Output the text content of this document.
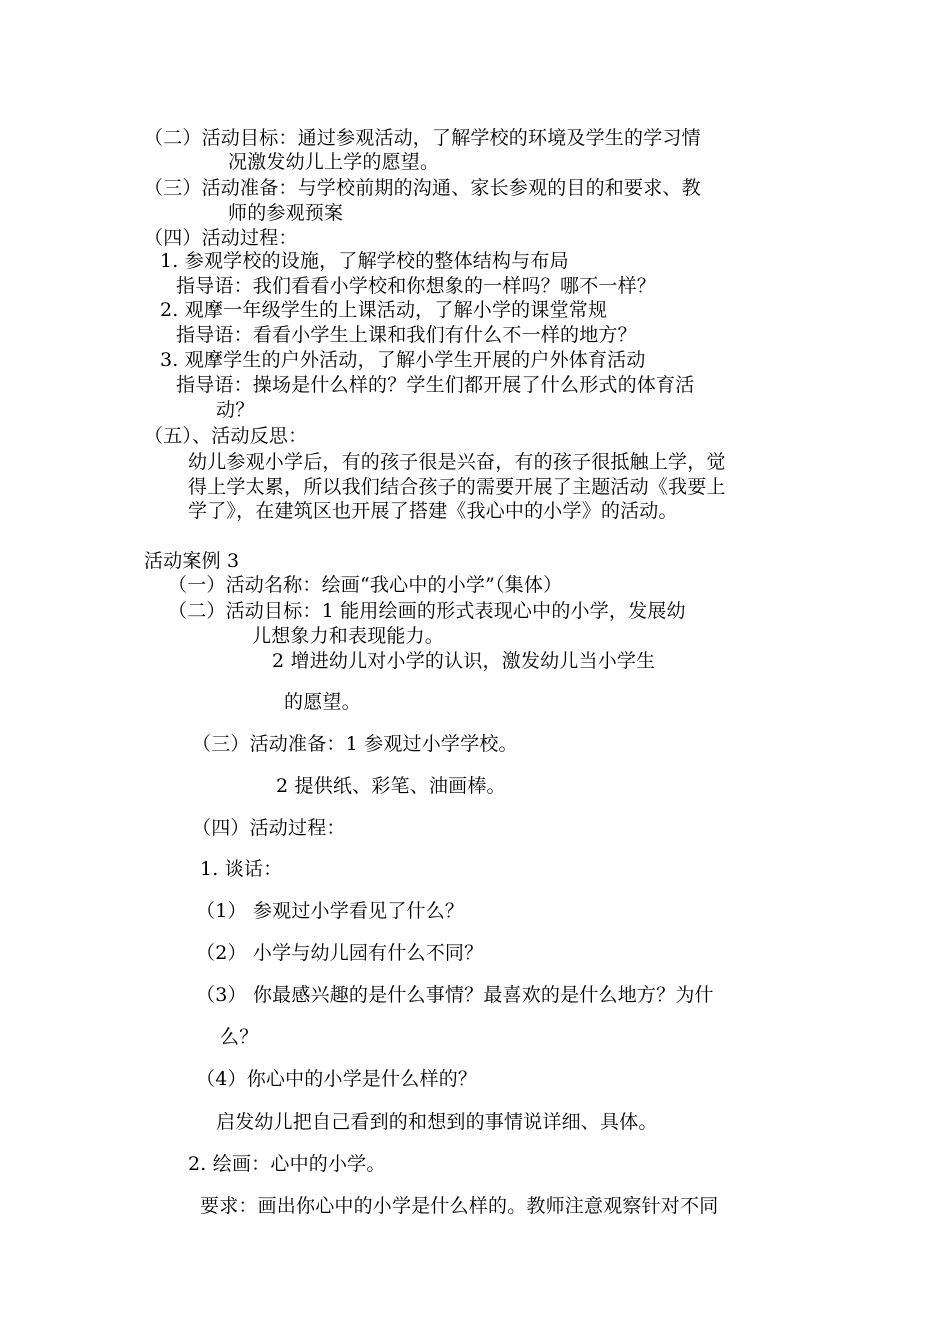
（二）活动目标：通过参观活动，了解学校的环境及学生的学习情
况激发幼儿上学的愿望。
（三）活动准备：与学校前期的沟通、家长参观的目的和要求、教
师的参观预案
（四）活动过程：
1. 参观学校的设施，了解学校的整体结构与布局
指导语：我们看看小学校和你想象的一样吗？哪不一样？
2. 观摩一年级学生的上课活动，了解小学的课堂常规
指导语：看看小学生上课和我们有什么不一样的地方？
3. 观摩学生的户外活动，了解小学生开展的户外体育活动
指导语：操场是什么样的？学生们都开展了什么形式的体育活
动？
（五）、活动反思：
幼儿参观小学后，有的孩子很是兴奋，有的孩子很抵触上学，觉
得上学太累，所以我们结合孩子的需要开展了主题活动《我要上
学了》，在建筑区也开展了搭建《我心中的小学》的活动。
活动案例 3
（一）活动名称：绘画“我心中的小学”（集体）
（二）活动目标：1 能用绘画的形式表现心中的小学，发展幼
儿想象力和表现能力。
2 增进幼儿对小学的认识，激发幼儿当小学生
的愿望。
（三）活动准备：1 参观过小学学校。
2 提供纸、彩笔、油画棒。
（四）活动过程：
1. 谈话：
（1） 参观过小学看见了什么？
（2） 小学与幼儿园有什么不同？
（3） 你最感兴趣的是什么事情？最喜欢的是什么地方？为什
么？
（4）你心中的小学是什么样的？
启发幼儿把自己看到的和想到的事情说详细、具体。
2. 绘画：心中的小学。
要求：画出你心中的小学是什么样的。教师注意观察针对不同
